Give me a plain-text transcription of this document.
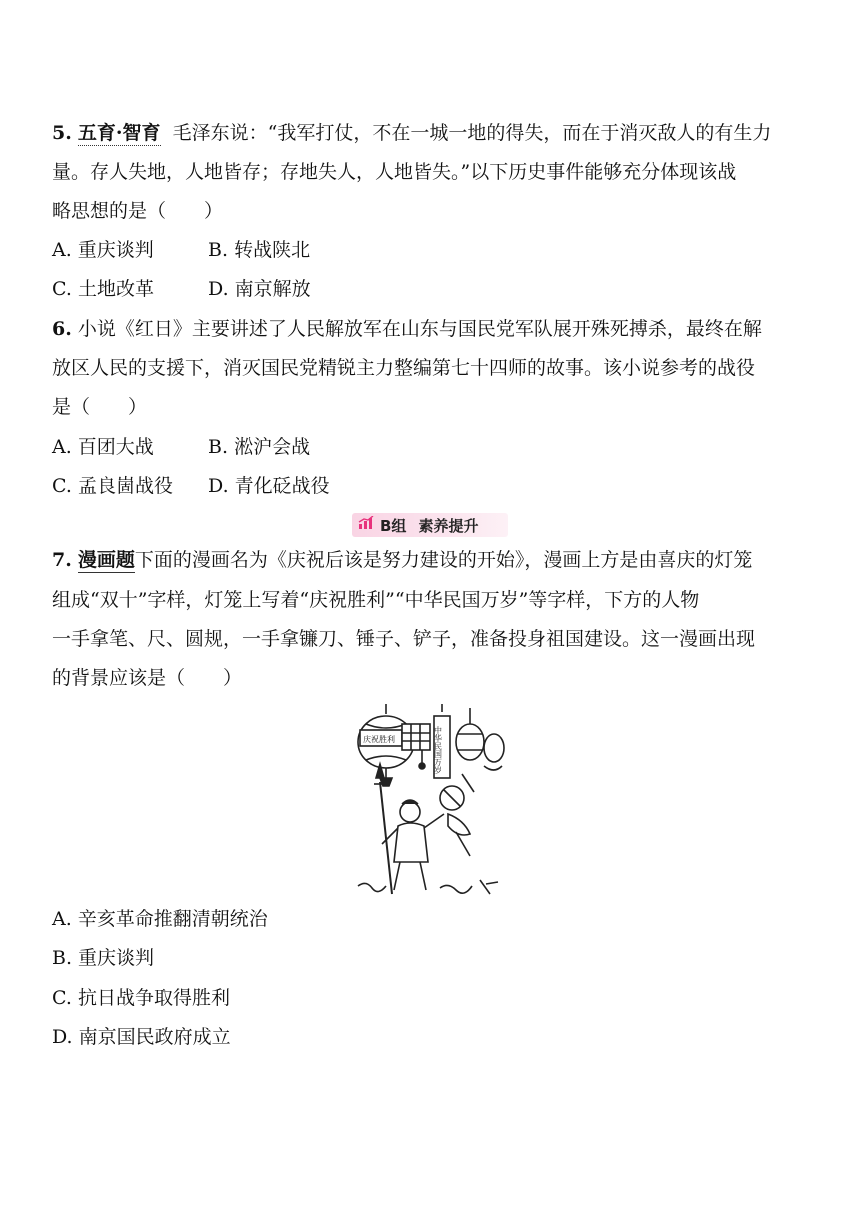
5. 五育·智育 毛泽东说：“我军打仗，不在一城一地的得失，而在于消灭敌人的有生力
量。存人失地，人地皆存；存地失人，人地皆失。”以下历史事件能够充分体现该战
略思想的是（　　）
A. 重庆谈判	B. 转战陕北
C. 土地改革	D. 南京解放
6. 小说《红日》主要讲述了人民解放军在山东与国民党军队展开殊死搏杀，最终在解
放区人民的支援下，消灭国民党精锐主力整编第七十四师的故事。该小说参考的战役
是（　　）
A. 百团大战	B. 淞沪会战
C. 孟良崮战役 D. 青化砭战役
B组 素养提升
7. 漫画题下面的漫画名为《庆祝后该是努力建设的开始》，漫画上方是由喜庆的灯笼
组成“双十”字样，灯笼上写着“庆祝胜利”“中华民国万岁”等字样，下方的人物
一手拿笔、尺、圆规，一手拿镰刀、锤子、铲子，准备投身祖国建设。这一漫画出现
的背景应该是（　　）
庆祝胜利	中华民国万岁
A. 辛亥革命推翻清朝统治
B. 重庆谈判
C. 抗日战争取得胜利
D. 南京国民政府成立
